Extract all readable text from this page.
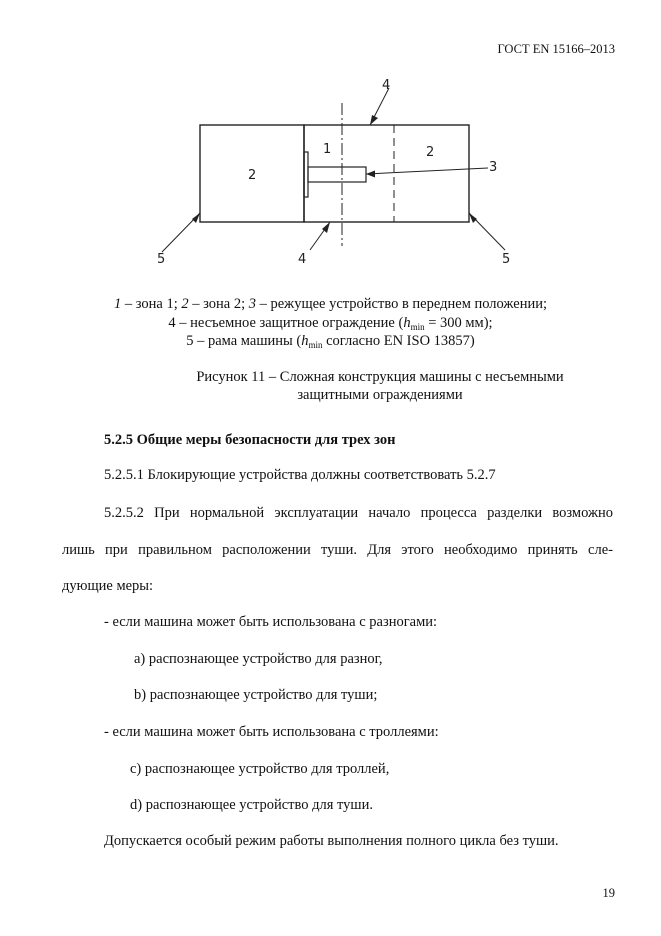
ГОСТ EN 15166–2013
2
1	2
3
4
4
5	5
1 – зона 1; 2 – зона 2; 3 – режущее устройство в переднем положении;
4 – несъемное защитное ограждение ($h_{min} = 300$ мм);
5 – рама машины ($h_{min}$ согласно EN ISO 13857)
Рисунок 11 – Сложная конструкция машины с несъемными
защитными ограждениями
5.2.5 Общие меры безопасности для трех зон
5.2.5.1 Блокирующие устройства должны соответствовать 5.2.7
5.2.5.2 При нормальной эксплуатации начало процесса разделки возможно
лишь при правильном расположении туши. Для этого необходимо принять сле-
дующие меры:
- если машина может быть использована с разногами:
a) распознающее устройство для разног,
b) распознающее устройство для туши;
- если машина может быть использована с троллеями:
c) распознающее устройство для троллей,
d) распознающее устройство для туши.
Допускается особый режим работы выполнения полного цикла без туши.
19
